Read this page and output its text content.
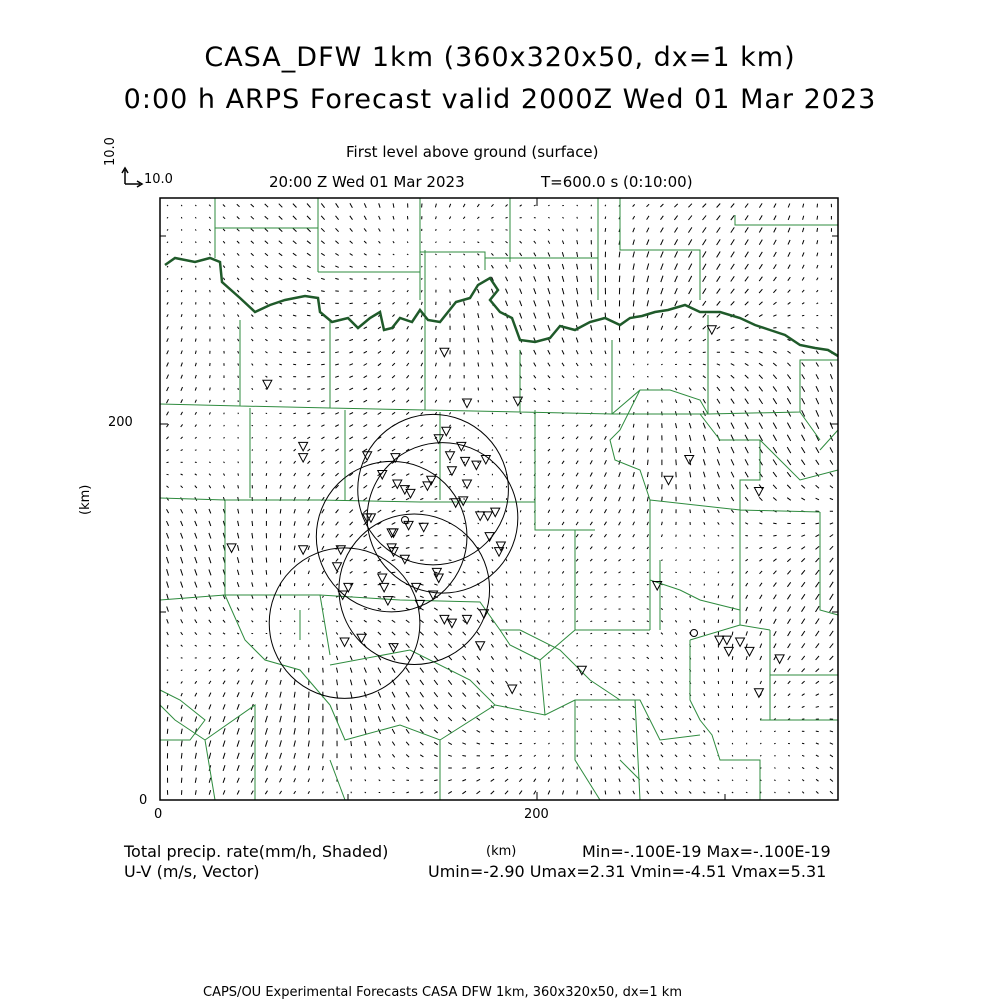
CASA_DFW 1km (360x320x50, dx=1 km)
0:00 h ARPS Forecast valid 2000Z Wed 01 Mar 2023
First level above ground (surface)
20:00 Z Wed 01 Mar 2023	T=600.0 s (0:10:00)
10.0
10.0
200
0
0	200
(km)
(km)
Total precip. rate(mm/h, Shaded)
U-V (m/s, Vector)
Min=-.100E-19 Max=-.100E-19
Umin=-2.90 Umax=2.31 Vmin=-4.51 Vmax=5.31
CAPS/OU Experimental Forecasts CASA DFW 1km, 360x320x50, dx=1 km
